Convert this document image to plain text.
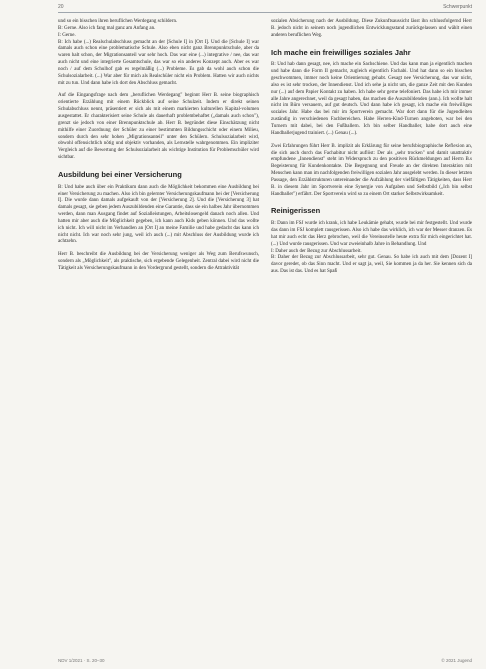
20	Schwerpunkt

und so ein bisschen ihren beruflichen Werdegang schildern.
B: Gerne. Also ich fang mal ganz am Anfang an.
I: Gerne.
B: Ich habe (...) Realschulabschluss gemacht an der [Schule I] in [Ort I]. Und die [Schule I] war damals auch schon eine problematische Schule. Also eben nicht ganz Brennpunktschule, aber da waren halt schon, der Migrationsanteil war sehr hoch. Das war eine (...) integrative / nee, das war auch nicht und eine integrierte Gesamtschule, das war so ein anderes Konzept auch. Aber es war noch / auf dem Schulhof gab es regelmäßig (...) Probleme. Es gab da wohl auch schon die Schulsozialarbeit. (...) War aber für mich als Realschüler nicht ein Problem. Hatten wir auch nichts mit zu tun. Und dann habe ich dort den Abschluss gemacht.

Auf die Eingangsfrage nach dem „beruflichen Werdegang" beginnt Herr B. seine biographisch orientierte Erzählung mit einem Rückblick auf seine Schulzeit. Indem er direkt seinen Schulabschluss nennt, präsentiert er sich als mit einem markierten kulturellen Kapital-volumen ausgestattet. Er charakterisiert seine Schule als dauerhaft problembehaftet („damals auch schon"), grenzt sie jedoch von einer Brennpunktschule ab. Herr B. begründet diese Einschätzung nicht mithilfe einer Zuordnung der Schüler zu einer bestimmten Bildungsschicht oder einem Milieu, sondern durch den sehr hohen „Migrationsanteil" unter den Schülern. Schulsozialarbeit wird, obwohl offensichtlich nötig und objektiv vorhanden, als Lernstelle wahrgenommen. Ein impliziter Vergleich auf die Bewertung der Schulsozialarbeit als wichtige Institution für Problemschüler wird sichtbar.

Ausbildung bei einer Versicherung

B: Und habe auch über ein Praktikum dann auch die Möglichkeit bekommen eine Ausbildung bei einer Versicherung zu machen. Also ich bin gelernter Versicherungskaufmann bei der [Versicherung I]. Die wurde dann damals aufgekauft von der [Versicherung 2]. Und die [Versicherung 3] hat damals gesagt, sie geben jedem Auszubildenden eine Garantie, dass sie ein halbes Jahr übernommen werden, dann man Ausgang findet auf Sozialleistungen, Arbeitslosengeld danach noch allen. Und hatten mir aber auch die Möglichkeit gegeben, ich kann auch Kids geben können. Und das wollte ich nicht. Ich will nicht im Verhandlen an [Ort I] an meine Familie und habe gedacht das kann ich nicht nicht. Ich war noch sehr jung, weil ich auch (...) mit Abschluss der Ausbildung wurde ich achtzehn.

Herr B. beschreibt die Ausbildung bei der Versicherung weniger als Weg zum Berufswunsch, sondern als „Möglichkeit", als praktische, sich ergebende Gelegenheit. Zentral dabei wird nicht die Tätigkeit als Versicherungskaufmann in den Vordergrund gestellt, sondern die Attraktivität

sozialen Absicherung nach der Ausbildung. Diese Zukunftsaussicht lässt ihn schlussfolgernd Herr B. jedoch nicht in seinem noch jugendlichen Entwicklungsstand zurückgelassen und wählt einen anderen beruflichen Weg.

Ich mache ein freiwilliges soziales Jahr

B: Und hab dann gesagt, nee, ich mache ein Sachschiene. Und das kann man ja eigentlich machen und habe dann die Form II gemacht, zugleich eigentlich Fachabi. Und hat dann so ein bisschen geschwommen, immer noch keine Orientierung gehabt. Gesagt nee Versicherung, das war nicht, also es ist sehr trocken, der Innendienst. Und ich sehe ja nicht um, die ganze Zeit mit den Kunden nur (...) auf dem Papier Kontakt zu haben. Ich habe sehr gerne telefoniert. Das habe ich mir immer alle Jahre angerechnet, weil da gesagt haben, das machen die Auszubildenden (ann.). Ich wollte halt nicht im Büro versauern, auf gut deutsch. Und dann habe ich gesagt, ich mache ein freiwilliges soziales Jahr. Habe das bei mir im Sportverein gemacht. War dort dann für die Jugendleiten zuständig in verschiedenen Fachbereichen. Habe Herren-Kind-Turnen angeboten, war bei den Turnern mit dabei, bei den Fußballern. Ich bin selber Handballer, habe dort auch eine Handballerjugend trainiert. (...) Genau (...).

Zwei Erfahrungen führt Herr B. implizit als Erklärung für seine berufsbiographische Reflexion an, die sich auch durch das Fachabitur nicht auflöst: Der als „sehr trocken" und damit unattraktiv empfundene „Innendienst" steht im Widerspruch zu den positiven Rückmeldungen auf Herrn B.s Begeisterung für Kundenkontakte. Die Begegnung und Freude an der direkten Interaktion mit Menschen kann man im nachfolgenden freiwilligen sozialen Jahr ausgelebt werden. In dieser letzten Passage, den Erzählstrukturen untereinander die Aufzählung der vielfältigen Tätigkeiten, dass Herr B. in diesem Jahr im Sportverein eine Synergie von Aufgaben und Selbstbild („Ich bin selbst Handballer") erfährt. Der Sportverein wird so zu einem Ort starker Selbstwirksamkeit.

Reinigerissen

B: Dann im FSJ wurde ich krank, ich habe Leukämie gehabt, wurde bei mir festgestellt. Und wurde das dann im FSJ komplett rausgerissen. Also ich habe das wirklich, ich war der Messer dranzen. Es hat mir auch echt das Herz gebrochen, weil die Vereinsstelle heute extra für mich eingerichtet hat. (...) Und wurde rausgerissen. Und war zweieinhalb Jahre in Behandlung. Und
I: Daher auch der Bezug zur Abschlussarbeit.
B: Daher der Bezug zur Abschlussarbeit, sehr gut. Genau. So habe ich auch mit dem [Dozent I] davor geredet, ob das Sinn macht. Und er sagt ja, weil, Sie kommen ja da her. Sie kennen sich da aus. Das ist das. Und es hat Spaß

NDV 1/2021 · S. 20–30	© 2021 Jugend
